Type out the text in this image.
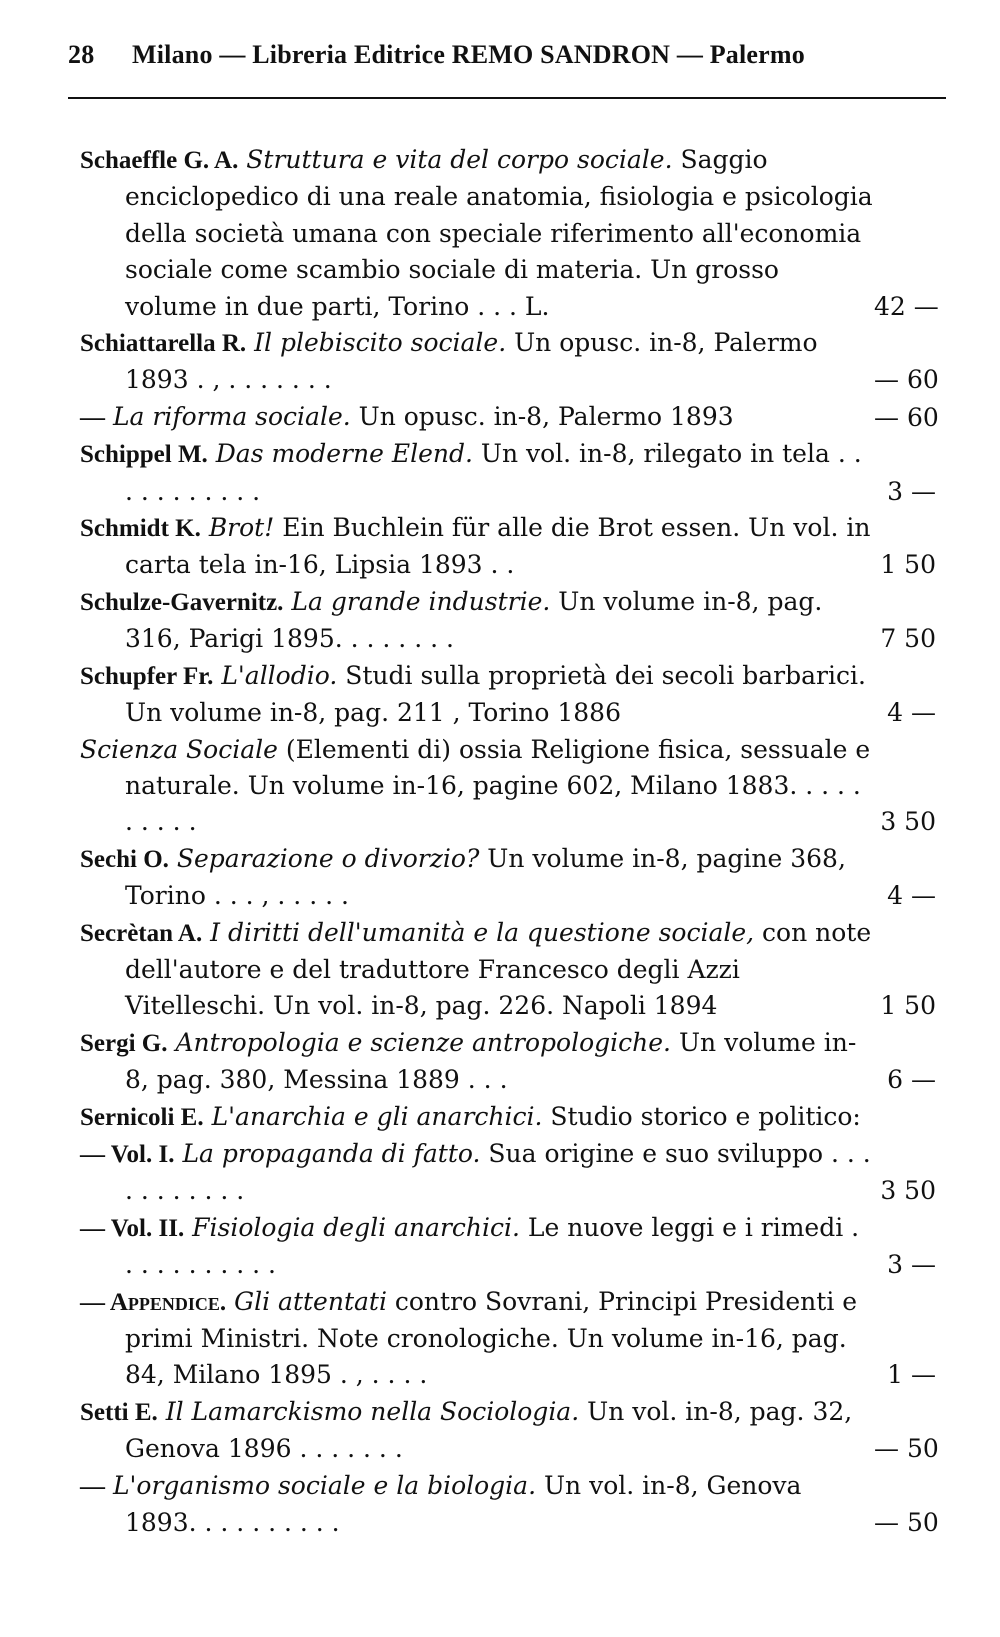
28 Milano — Libreria Editrice REMO SANDRON — Palermo
Schaeffle G. A. Struttura e vita del corpo sociale. Saggio enciclopedico di una reale anatomia, fisiologia e psicologia della società umana con speciale riferimento all'economia sociale come scambio sociale di materia. Un grosso volume in due parti, Torino . . . L.	42 —
Schiattarella R. Il plebiscito sociale. Un opusc. in-8, Palermo 1893 . , . . . . . . .	— 60
— La riforma sociale. Un opusc. in-8, Palermo 1893	— 60
Schippel M. Das moderne Elend. Un vol. in-8, rilegato in tela . . . . . . . . . . .	3 —
Schmidt K. Brot! Ein Buchlein für alle die Brot essen. Un vol. in carta tela in-16, Lipsia 1893 . .	1 50
Schulze-Gavernitz. La grande industrie. Un volume in-8, pag. 316, Parigi 1895. . . . . . . .	7 50
Schupfer Fr. L'allodio. Studi sulla proprietà dei secoli barbarici. Un volume in-8, pag. 211 , Torino 1886	4 —
Scienza Sociale (Elementi di) ossia Religione fisica, sessuale e naturale. Un volume in-16, pagine 602, Milano 1883. . . . . . . . . .	3 50
Sechi O. Separazione o divorzio? Un volume in-8, pagine 368, Torino . . . , . . . . .	4 —
Secrètan A. I diritti dell'umanità e la questione sociale, con note dell'autore e del traduttore Francesco degli Azzi Vitelleschi. Un vol. in-8, pag. 226. Napoli 1894	1 50
Sergi G. Antropologia e scienze antropologiche. Un volume in-8, pag. 380, Messina 1889 . . .	6 —
Sernicoli E. L'anarchia e gli anarchici. Studio storico e politico:
— Vol. I. La propaganda di fatto. Sua origine e suo sviluppo . . . . . . . . . . .	3 50
— Vol. II. Fisiologia degli anarchici. Le nuove leggi e i rimedi . . . . . . . . . . .	3 —
— Appendice. Gli attentati contro Sovrani, Principi Presidenti e primi Ministri. Note cronologiche. Un volume in-16, pag. 84, Milano 1895 . , . . . .	1 —
Setti E. Il Lamarckismo nella Sociologia. Un vol. in-8, pag. 32, Genova 1896 . . . . . . .	— 50
— L'organismo sociale e la biologia. Un vol. in-8, Genova 1893. . . . . . . . . .	— 50
